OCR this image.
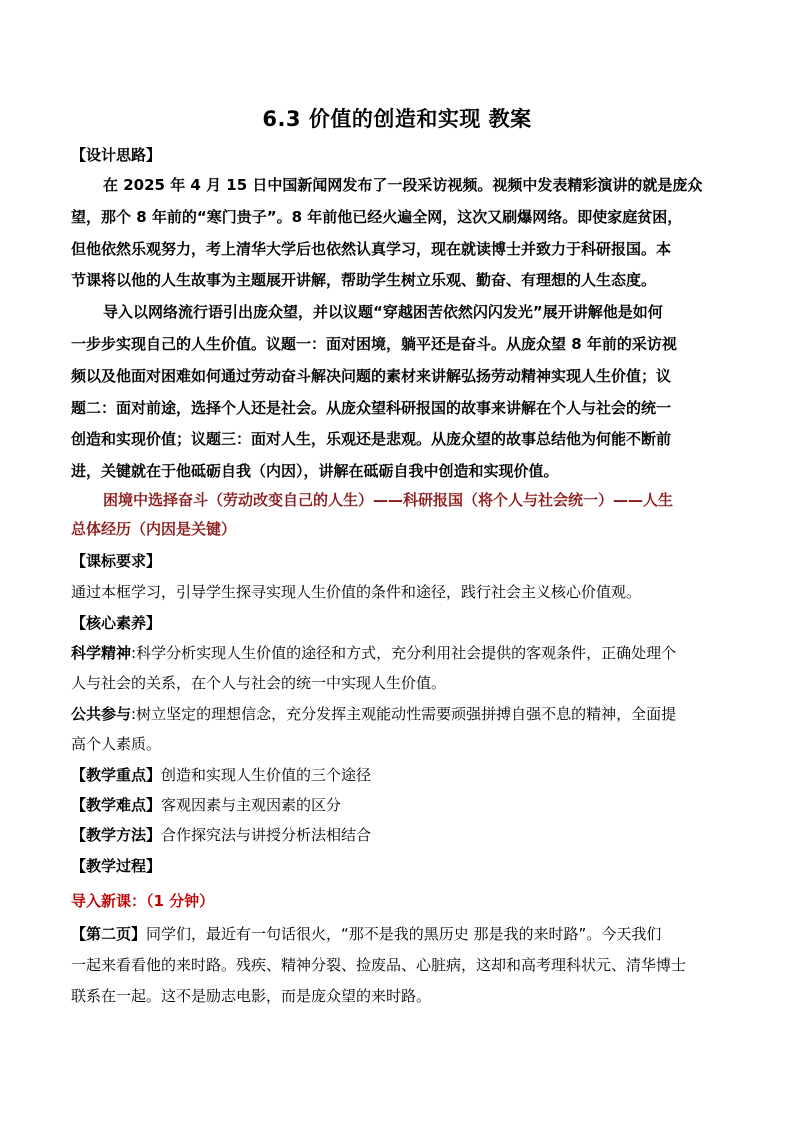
6.3 价值的创造和实现 教案
【设计思路】
在 2025 年 4 月 15 日中国新闻网发布了一段采访视频。视频中发表精彩演讲的就是庞众
望，那个 8 年前的“寒门贵子”。8 年前他已经火遍全网，这次又刷爆网络。即使家庭贫困，
但他依然乐观努力，考上清华大学后也依然认真学习，现在就读博士并致力于科研报国。本
节课将以他的人生故事为主题展开讲解，帮助学生树立乐观、勤奋、有理想的人生态度。
导入以网络流行语引出庞众望，并以议题“穿越困苦依然闪闪发光”展开讲解他是如何
一步步实现自己的人生价值。议题一：面对困境，躺平还是奋斗。从庞众望 8 年前的采访视
频以及他面对困难如何通过劳动奋斗解决问题的素材来讲解弘扬劳动精神实现人生价值；议
题二：面对前途，选择个人还是社会。从庞众望科研报国的故事来讲解在个人与社会的统一
创造和实现价值；议题三：面对人生，乐观还是悲观。从庞众望的故事总结他为何能不断前
进，关键就在于他砥砺自我（内因），讲解在砥砺自我中创造和实现价值。
困境中选择奋斗（劳动改变自己的人生）——科研报国（将个人与社会统一）——人生
总体经历（内因是关键）
【课标要求】
通过本框学习，引导学生探寻实现人生价值的条件和途径，践行社会主义核心价值观。
【核心素养】
科学精神:科学分析实现人生价值的途径和方式，充分利用社会提供的客观条件，正确处理个
人与社会的关系，在个人与社会的统一中实现人生价值。
公共参与:树立坚定的理想信念，充分发挥主观能动性需要顽强拼搏自强不息的精神，全面提
高个人素质。
【教学重点】创造和实现人生价值的三个途径
【教学难点】客观因素与主观因素的区分
【教学方法】合作探究法与讲授分析法相结合
【教学过程】
导入新课：（1 分钟）
【第二页】同学们，最近有一句话很火，“那不是我的黑历史 那是我的来时路”。今天我们
一起来看看他的来时路。残疾、精神分裂、捡废品、心脏病，这却和高考理科状元、清华博士
联系在一起。这不是励志电影，而是庞众望的来时路。
